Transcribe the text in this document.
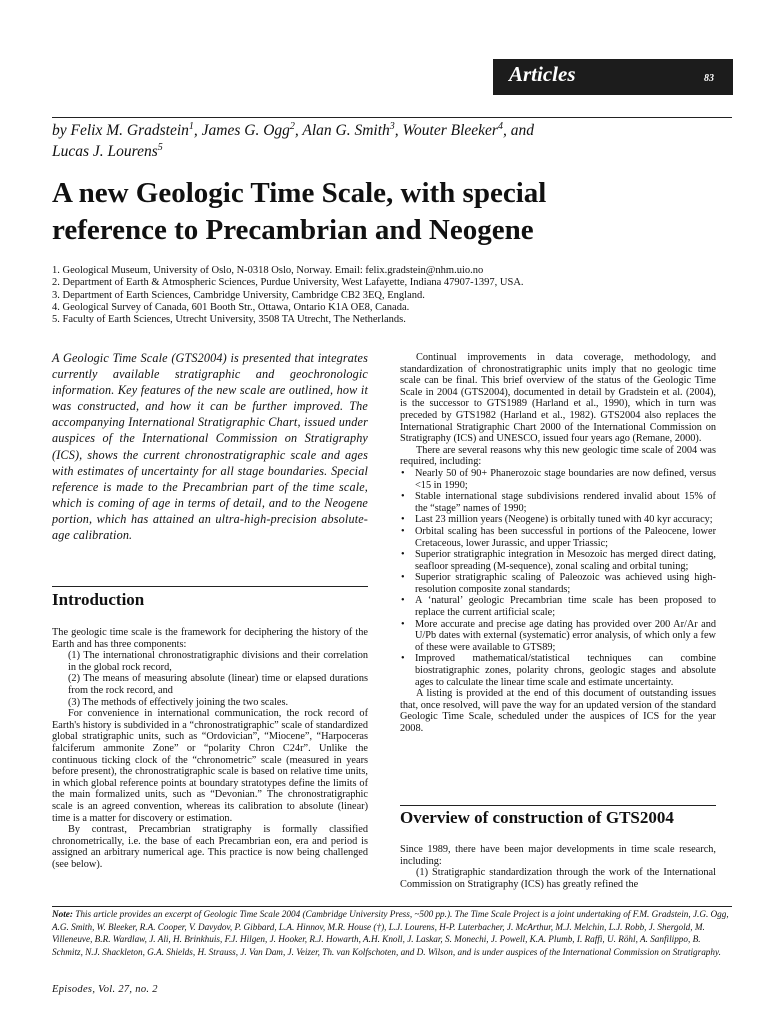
Articles	83
by Felix M. Gradstein$^1$, James G. Ogg$^2$, Alan G. Smith$^3$, Wouter Bleeker$^4$, and
Lucas J. Lourens$^5$
A new Geologic Time Scale, with special
reference to Precambrian and Neogene
1. Geological Museum, University of Oslo, N-0318 Oslo, Norway. Email: felix.gradstein@nhm.uio.no
2. Department of Earth & Atmospheric Sciences, Purdue University, West Lafayette, Indiana 47907-1397, USA.
3. Department of Earth Sciences, Cambridge University, Cambridge CB2 3EQ, England.
4. Geological Survey of Canada, 601 Booth Str., Ottawa, Ontario K1A OE8, Canada.
5. Faculty of Earth Sciences, Utrecht University, 3508 TA Utrecht, The Netherlands.
A Geologic Time Scale (GTS2004) is presented that integrates currently available stratigraphic and geochronologic information. Key features of the new scale are outlined, how it was constructed, and how it can be further improved. The accompanying International Stratigraphic Chart, issued under auspices of the International Commission on Stratigraphy (ICS), shows the current chronostratigraphic scale and ages with estimates of uncertainty for all stage boundaries. Special reference is made to the Precambrian part of the time scale, which is coming of age in terms of detail, and to the Neogene portion, which has attained an ultra-high-precision absolute-age calibration.
Introduction

The geologic time scale is the framework for deciphering the history of the Earth and has three components:

(1) The international chronostratigraphic divisions and their correlation in the global rock record,

(2) The means of measuring absolute (linear) time or elapsed durations from the rock record, and

(3) The methods of effectively joining the two scales.

For convenience in international communication, the rock record of Earth's history is subdivided in a “chronostratigraphic” scale of standardized global stratigraphic units, such as “Ordovician”, “Miocene”, “Harpoceras falciferum ammonite Zone” or “polarity Chron C24r”. Unlike the continuous ticking clock of the “chronometric” scale (measured in years before present), the chronostratigraphic scale is based on relative time units, in which global reference points at boundary stratotypes define the limits of the main formalized units, such as “Devonian.” The chronostratigraphic scale is an agreed convention, whereas its calibration to absolute (linear) time is a matter for discovery or estimation.

By contrast, Precambrian stratigraphy is formally classified chronometrically, i.e. the base of each Precambrian eon, era and period is assigned an arbitrary numerical age. This practice is now being challenged (see below).

Continual improvements in data coverage, methodology, and standardization of chronostratigraphic units imply that no geologic time scale can be final. This brief overview of the status of the Geologic Time Scale in 2004 (GTS2004), documented in detail by Gradstein et al. (2004), is the successor to GTS1989 (Harland et al., 1990), which in turn was preceded by GTS1982 (Harland et al., 1982). GTS2004 also replaces the International Stratigraphic Chart 2000 of the International Commission on Stratigraphy (ICS) and UNESCO, issued four years ago (Remane, 2000).

There are several reasons why this new geologic time scale of 2004 was required, including:

• Nearly 50 of 90+ Phanerozoic stage boundaries are now defined, versus <15 in 1990;
• Stable international stage subdivisions rendered invalid about 15% of the “stage” names of 1990;
• Last 23 million years (Neogene) is orbitally tuned with 40 kyr accuracy;
• Orbital scaling has been successful in portions of the Paleocene, lower Cretaceous, lower Jurassic, and upper Triassic;
• Superior stratigraphic integration in Mesozoic has merged direct dating, seafloor spreading (M-sequence), zonal scaling and orbital tuning;
• Superior stratigraphic scaling of Paleozoic was achieved using high-resolution composite zonal standards;
• A ‘natural’ geologic Precambrian time scale has been proposed to replace the current artificial scale;
• More accurate and precise age dating has provided over 200 Ar/Ar and U/Pb dates with external (systematic) error analysis, of which only a few of these were available to GTS89;
• Improved mathematical/statistical techniques can combine biostratigraphic zones, polarity chrons, geologic stages and absolute ages to calculate the linear time scale and estimate uncertainty.

A listing is provided at the end of this document of outstanding issues that, once resolved, will pave the way for an updated version of the standard Geologic Time Scale, scheduled under the auspices of ICS for the year 2008.

Overview of construction of GTS2004

Since 1989, there have been major developments in time scale research, including:

(1) Stratigraphic standardization through the work of the International Commission on Stratigraphy (ICS) has greatly refined the

Note: This article provides an excerpt of Geologic Time Scale 2004 (Cambridge University Press, ~500 pp.). The Time Scale Project is a joint undertaking of F.M. Gradstein, J.G. Ogg, A.G. Smith, W. Bleeker, R.A. Cooper, V. Davydov, P. Gibbard, L.A. Hinnov, M.R. House (†), L.J. Lourens, H-P. Luterbacher, J. McArthur, M.J. Melchin, L.J. Robb, J. Shergold, M. Villeneuve, B.R. Wardlaw, J. Ali, H. Brinkhuis, F.J. Hilgen, J. Hooker, R.J. Howarth, A.H. Knoll, J. Laskar, S. Monechi, J. Powell, K.A. Plumb, I. Raffi, U. Röhl, A. Sanfilippo, B. Schmitz, N.J. Shackleton, G.A. Shields, H. Strauss, J. Van Dam, J. Veizer, Th. van Kolfschoten, and D. Wilson, and is under auspices of the International Commission on Stratigraphy.
Episodes, Vol. 27, no. 2
